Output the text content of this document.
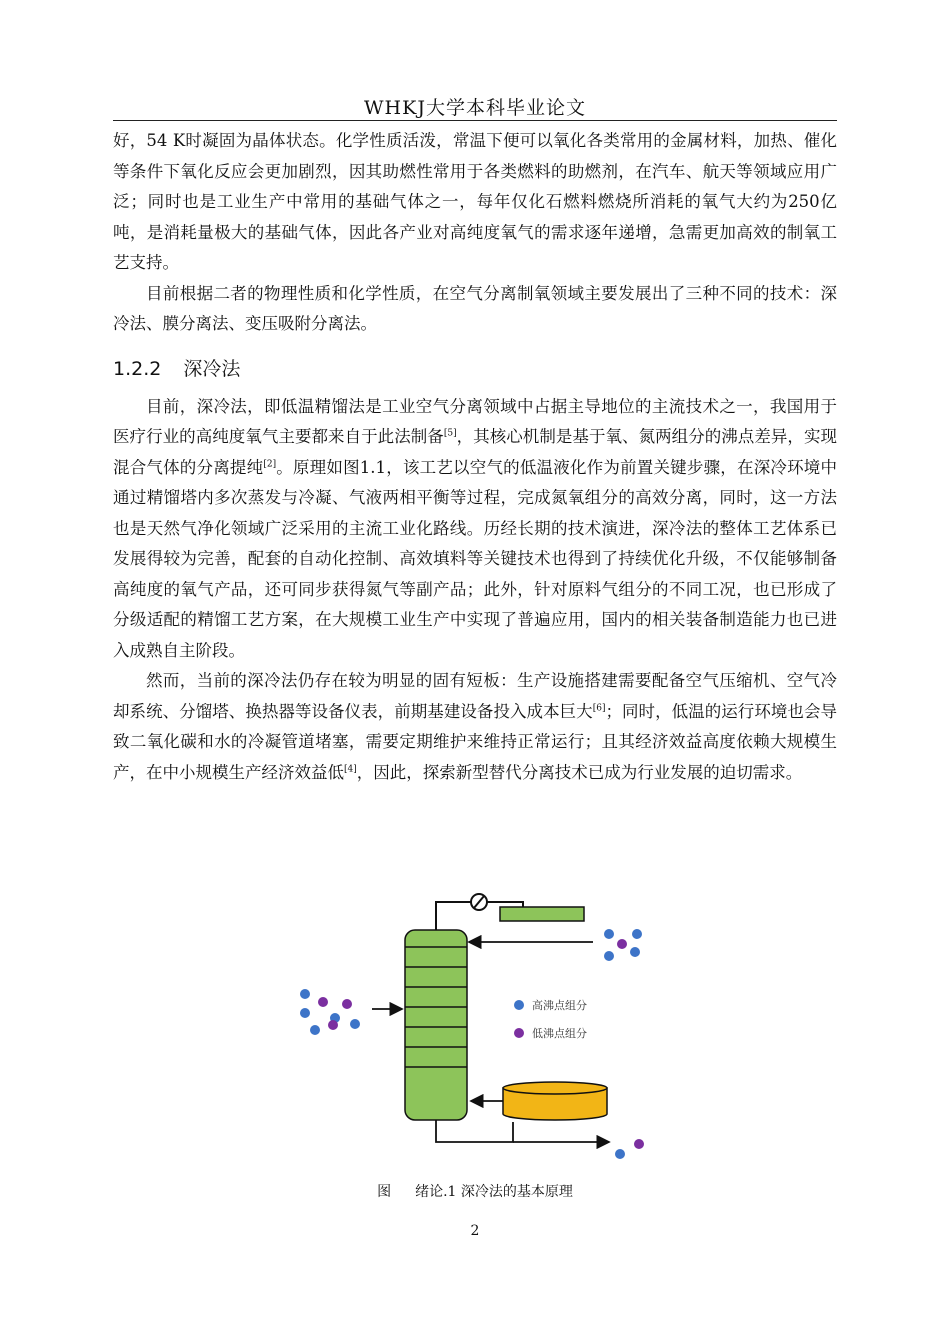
WHKJ大学本科毕业论文

好，54 K时凝固为晶体状态。化学性质活泼，常温下便可以氧化各类常用的金属材料，加热、催化等条件下氧化反应会更加剧烈，因其助燃性常用于各类燃料的助燃剂，在汽车、航天等领域应用广泛；同时也是工业生产中常用的基础气体之一，每年仅化石燃料燃烧所消耗的氧气大约为250亿吨，是消耗量极大的基础气体，因此各产业对高纯度氧气的需求逐年递增，急需更加高效的制氧工艺支持。

目前根据二者的物理性质和化学性质，在空气分离制氧领域主要发展出了三种不同的技术：深冷法、膜分离法、变压吸附分离法。

1.2.2 深冷法

目前，深冷法，即低温精馏法是工业空气分离领域中占据主导地位的主流技术之一，我国用于医疗行业的高纯度氧气主要都来自于此法制备[5]，其核心机制是基于氧、氮两组分的沸点差异，实现混合气体的分离提纯[2]。原理如图1.1，该工艺以空气的低温液化作为前置关键步骤，在深冷环境中通过精馏塔内多次蒸发与冷凝、气液两相平衡等过程，完成氮氧组分的高效分离，同时，这一方法也是天然气净化领域广泛采用的主流工业化路线。历经长期的技术演进，深冷法的整体工艺体系已发展得较为完善，配套的自动化控制、高效填料等关键技术也得到了持续优化升级，不仅能够制备高纯度的氧气产品，还可同步获得氮气等副产品；此外，针对原料气组分的不同工况，也已形成了分级适配的精馏工艺方案，在大规模工业生产中实现了普遍应用，国内的相关装备制造能力也已进入成熟自主阶段。

然而，当前的深冷法仍存在较为明显的固有短板：生产设施搭建需要配备空气压缩机、空气冷却系统、分馏塔、换热器等设备仪表，前期基建设备投入成本巨大[6]；同时，低温的运行环境也会导致二氧化碳和水的冷凝管道堵塞，需要定期维护来维持正常运行；且其经济效益高度依赖大规模生产，在中小规模生产经济效益低[4]，因此，探索新型替代分离技术已成为行业发展的迫切需求。

高沸点组分
低沸点组分
图 绪论.1 深冷法的基本原理
2
